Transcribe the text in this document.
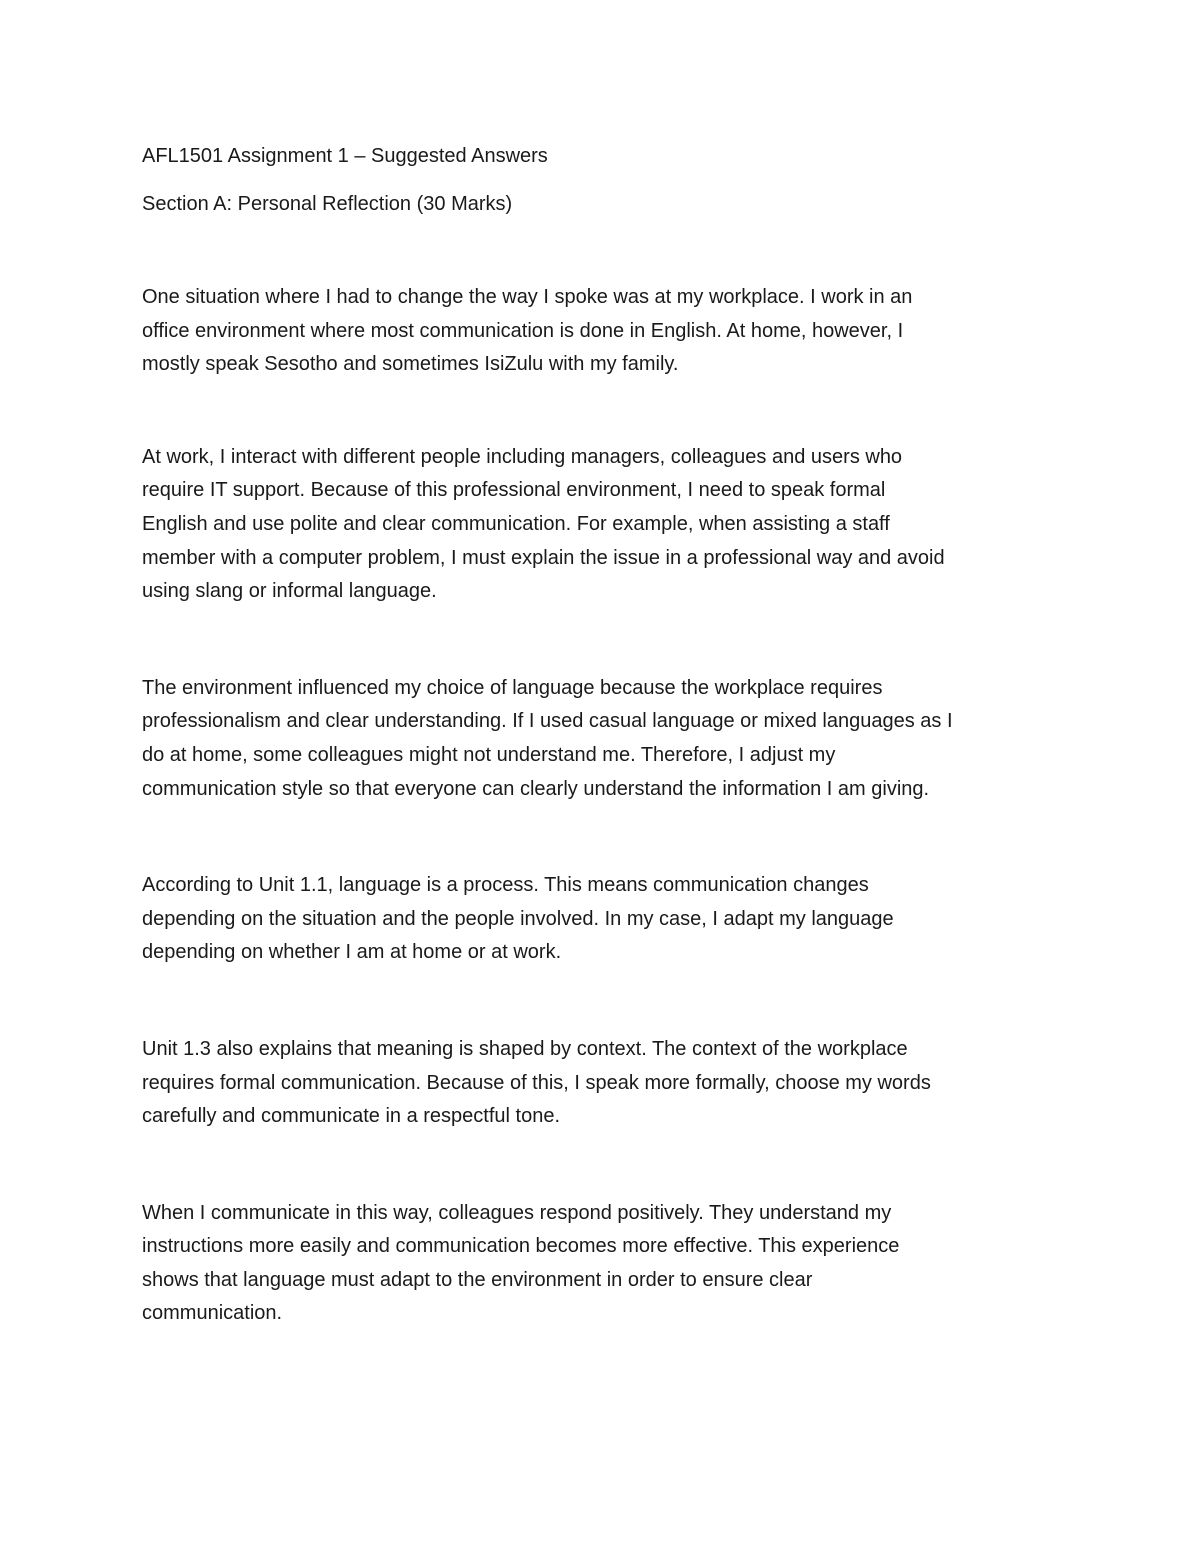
AFL1501 Assignment 1 – Suggested Answers

Section A: Personal Reflection (30 Marks)

One situation where I had to change the way I spoke was at my workplace. I work in an
office environment where most communication is done in English. At home, however, I
mostly speak Sesotho and sometimes IsiZulu with my family.

At work, I interact with different people including managers, colleagues and users who
require IT support. Because of this professional environment, I need to speak formal
English and use polite and clear communication. For example, when assisting a staff
member with a computer problem, I must explain the issue in a professional way and avoid
using slang or informal language.

The environment influenced my choice of language because the workplace requires
professionalism and clear understanding. If I used casual language or mixed languages as I
do at home, some colleagues might not understand me. Therefore, I adjust my
communication style so that everyone can clearly understand the information I am giving.

According to Unit 1.1, language is a process. This means communication changes
depending on the situation and the people involved. In my case, I adapt my language
depending on whether I am at home or at work.

Unit 1.3 also explains that meaning is shaped by context. The context of the workplace
requires formal communication. Because of this, I speak more formally, choose my words
carefully and communicate in a respectful tone.

When I communicate in this way, colleagues respond positively. They understand my
instructions more easily and communication becomes more effective. This experience
shows that language must adapt to the environment in order to ensure clear
communication.
